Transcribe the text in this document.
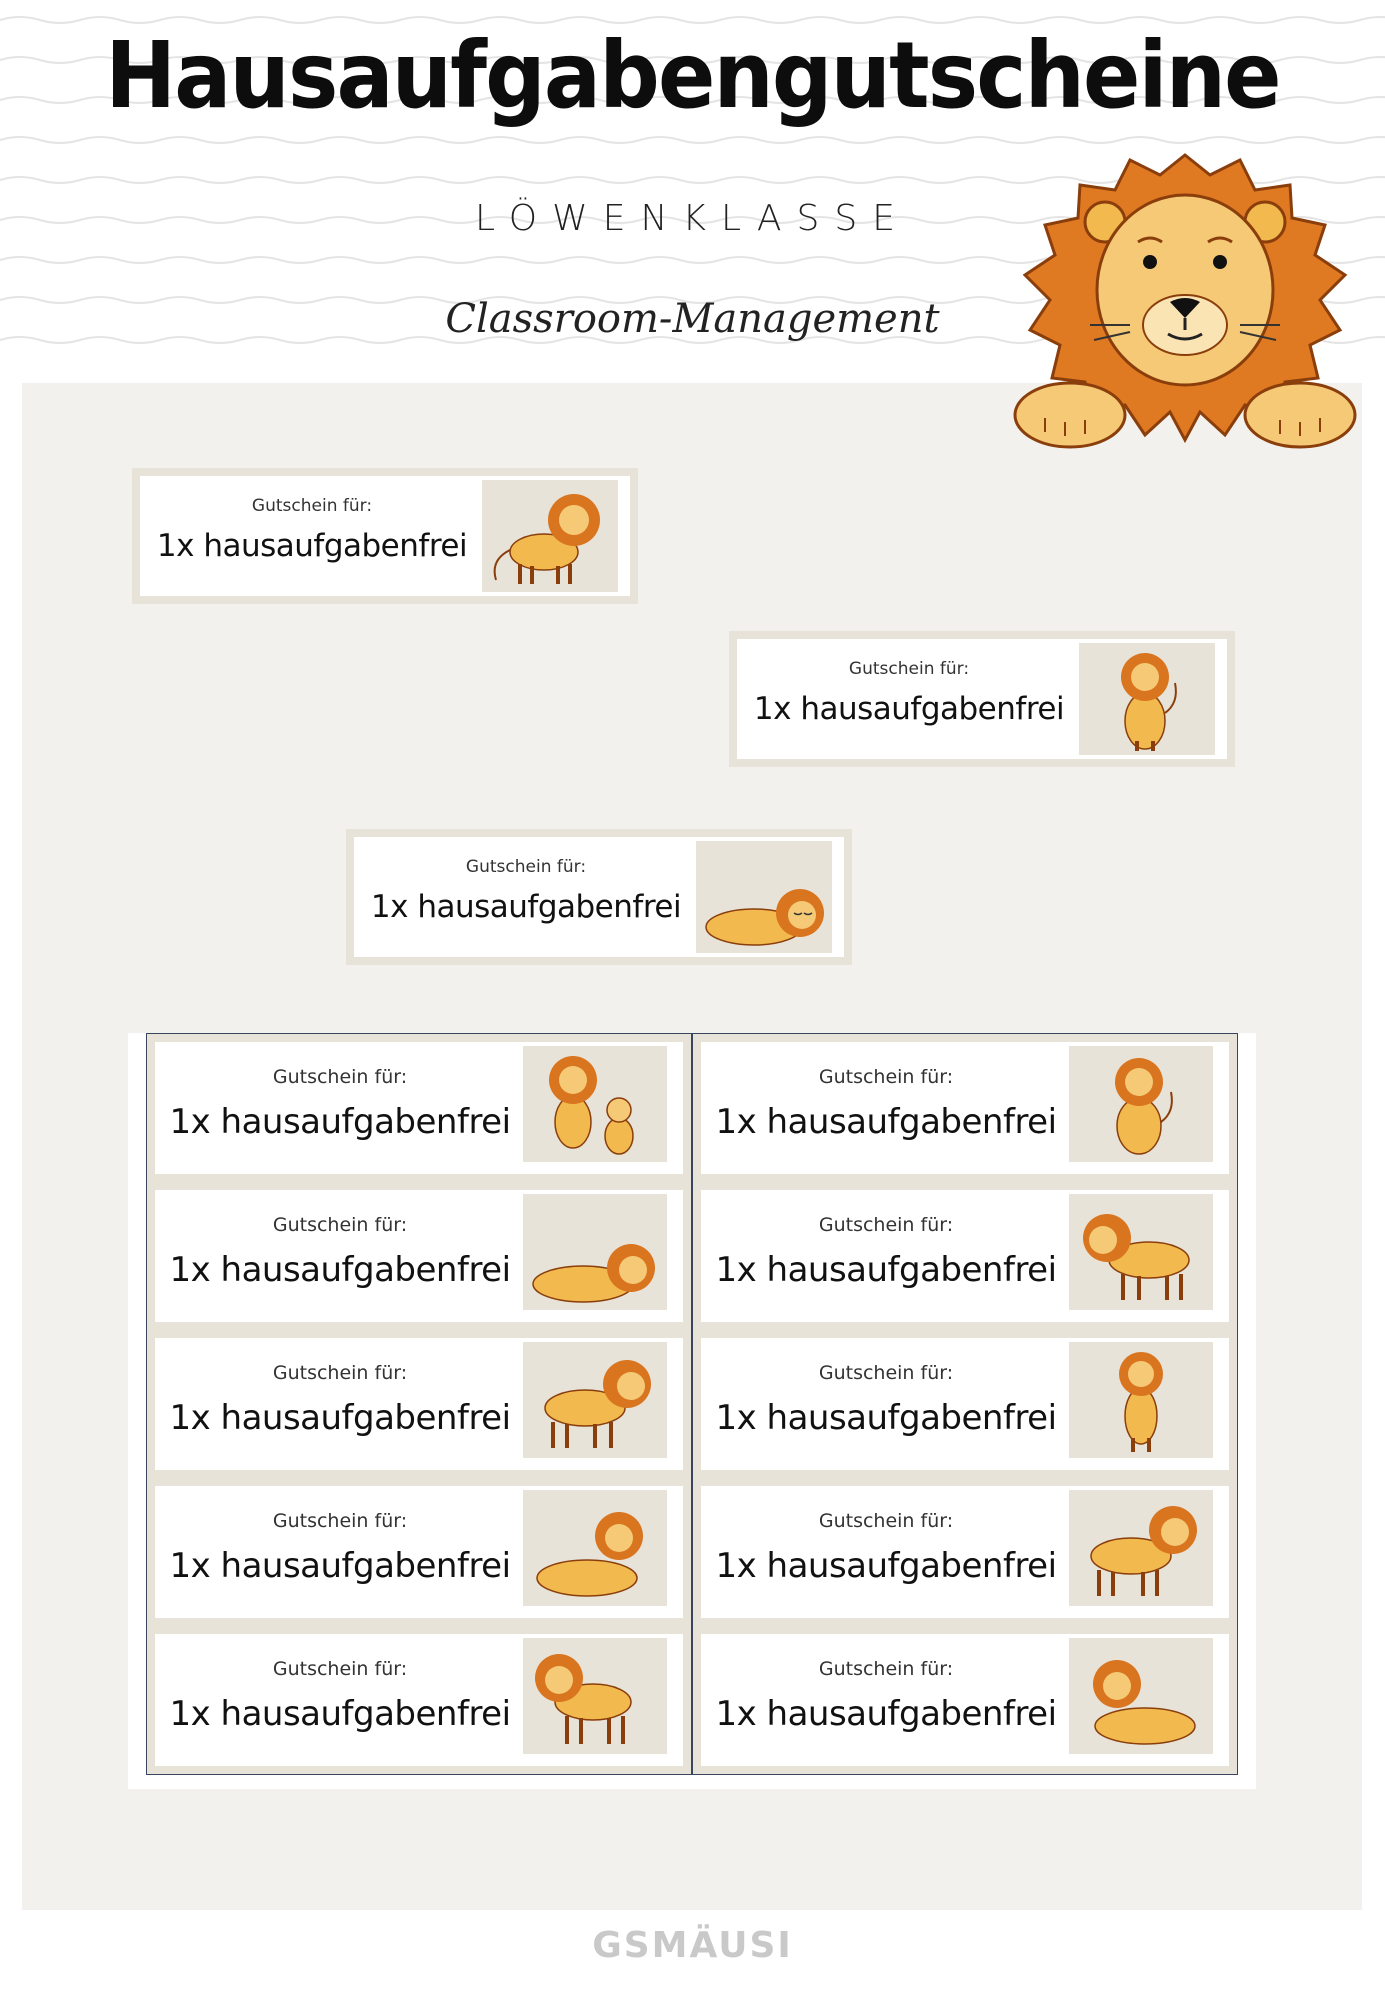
Hausaufgabengutscheine
LÖWENKLASSE
Classroom-Management
Gutschein für:
1x hausaufgabenfrei
Gutschein für:
1x hausaufgabenfrei
Gutschein für:
1x hausaufgabenfrei
Gutschein für:
1x hausaufgabenfrei
Gutschein für:
1x hausaufgabenfrei
Gutschein für:
1x hausaufgabenfrei
Gutschein für:
1x hausaufgabenfrei
Gutschein für:
1x hausaufgabenfrei
Gutschein für:
1x hausaufgabenfrei
Gutschein für:
1x hausaufgabenfrei
Gutschein für:
1x hausaufgabenfrei
Gutschein für:
1x hausaufgabenfrei
Gutschein für:
1x hausaufgabenfrei
GSMÄUSI
